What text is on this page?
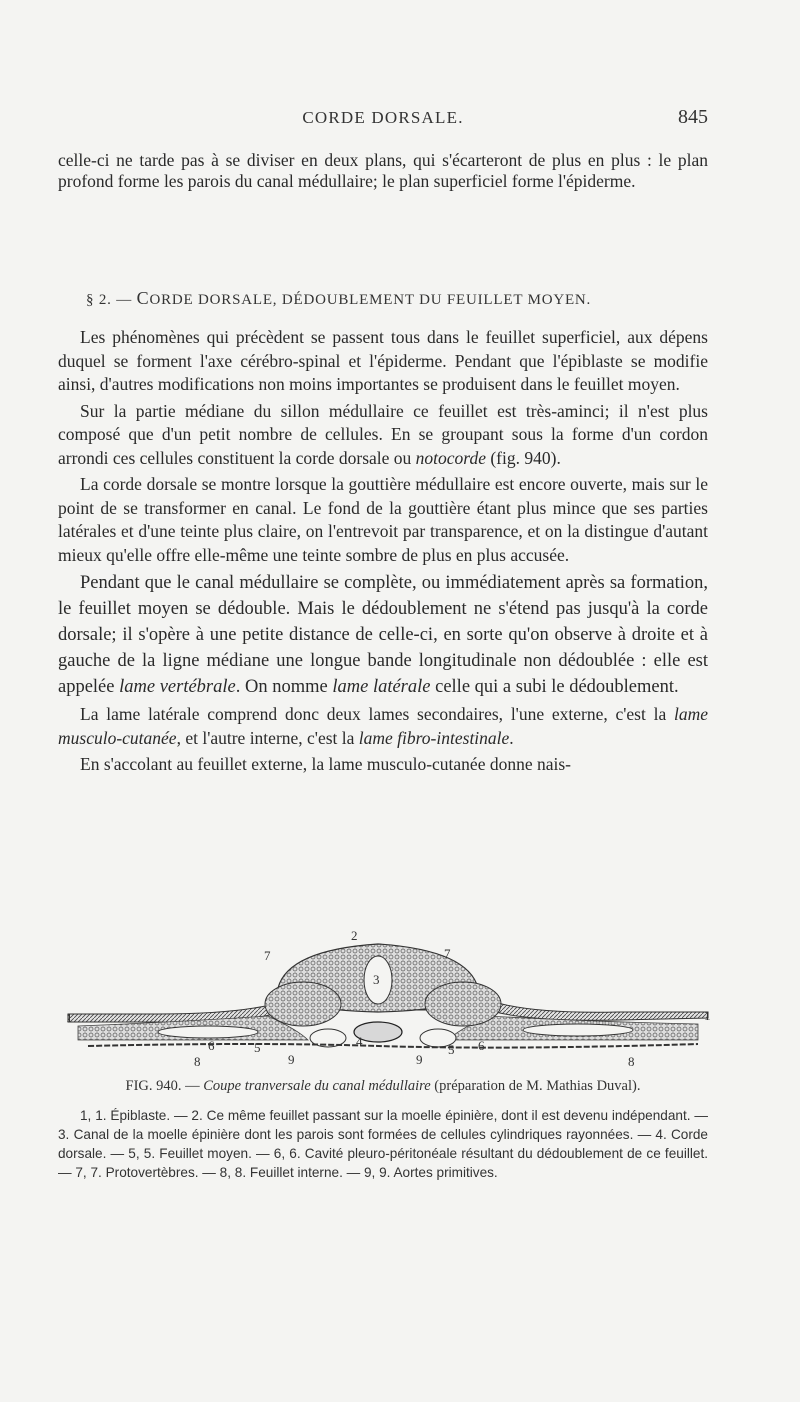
CORDE DORSALE.	845

celle-ci ne tarde pas à se diviser en deux plans, qui s'écarteront de plus en plus : le plan profond forme les parois du canal médullaire; le plan superficiel forme l'épiderme.

§ 2. — CORDE DORSALE, DÉDOUBLEMENT DU FEUILLET MOYEN.

Les phénomènes qui précèdent se passent tous dans le feuillet superficiel, aux dépens duquel se forment l'axe cérébro-spinal et l'épiderme. Pendant que l'épiblaste se modifie ainsi, d'autres modifications non moins importantes se produisent dans le feuillet moyen.

Sur la partie médiane du sillon médullaire ce feuillet est très-aminci; il n'est plus composé que d'un petit nombre de cellules. En se groupant sous la forme d'un cordon arrondi ces cellules constituent la corde dorsale ou notocorde (fig. 940).

La corde dorsale se montre lorsque la gouttière médullaire est encore ouverte, mais sur le point de se transformer en canal. Le fond de la gouttière étant plus mince que ses parties latérales et d'une teinte plus claire, on l'entrevoit par transparence, et on la distingue d'autant mieux qu'elle offre elle-même une teinte sombre de plus en plus accusée.

Pendant que le canal médullaire se complète, ou immédiatement après sa formation, le feuillet moyen se dédouble. Mais le dédoublement ne s'étend pas jusqu'à la corde dorsale; il s'opère à une petite distance de celle-ci, en sorte qu'on observe à droite et à gauche de la ligne médiane une longue bande longitudinale non dédoublée : elle est appelée lame vertébrale. On nomme lame latérale celle qui a subi le dédoublement.

La lame latérale comprend donc deux lames secondaires, l'une externe, c'est la lame musculo-cutanée, et l'autre interne, c'est la lame fibro-intestinale.

En s'accolant au feuillet externe, la lame musculo-cutanée donne nais-

1	1
2
3
4
5	5
6	6
7	7
8	8
9	9
FIG. 940. — Coupe tranversale du canal médullaire (préparation de M. Mathias Duval).
1, 1. Épiblaste. — 2. Ce même feuillet passant sur la moelle épinière, dont il est devenu indépendant. — 3. Canal de la moelle épinière dont les parois sont formées de cellules cylindriques rayonnées. — 4. Corde dorsale. — 5, 5. Feuillet moyen. — 6, 6. Cavité pleuro-péritonéale résultant du dédoublement de ce feuillet. — 7, 7. Protovertèbres. — 8, 8. Feuillet interne. — 9, 9. Aortes primitives.
